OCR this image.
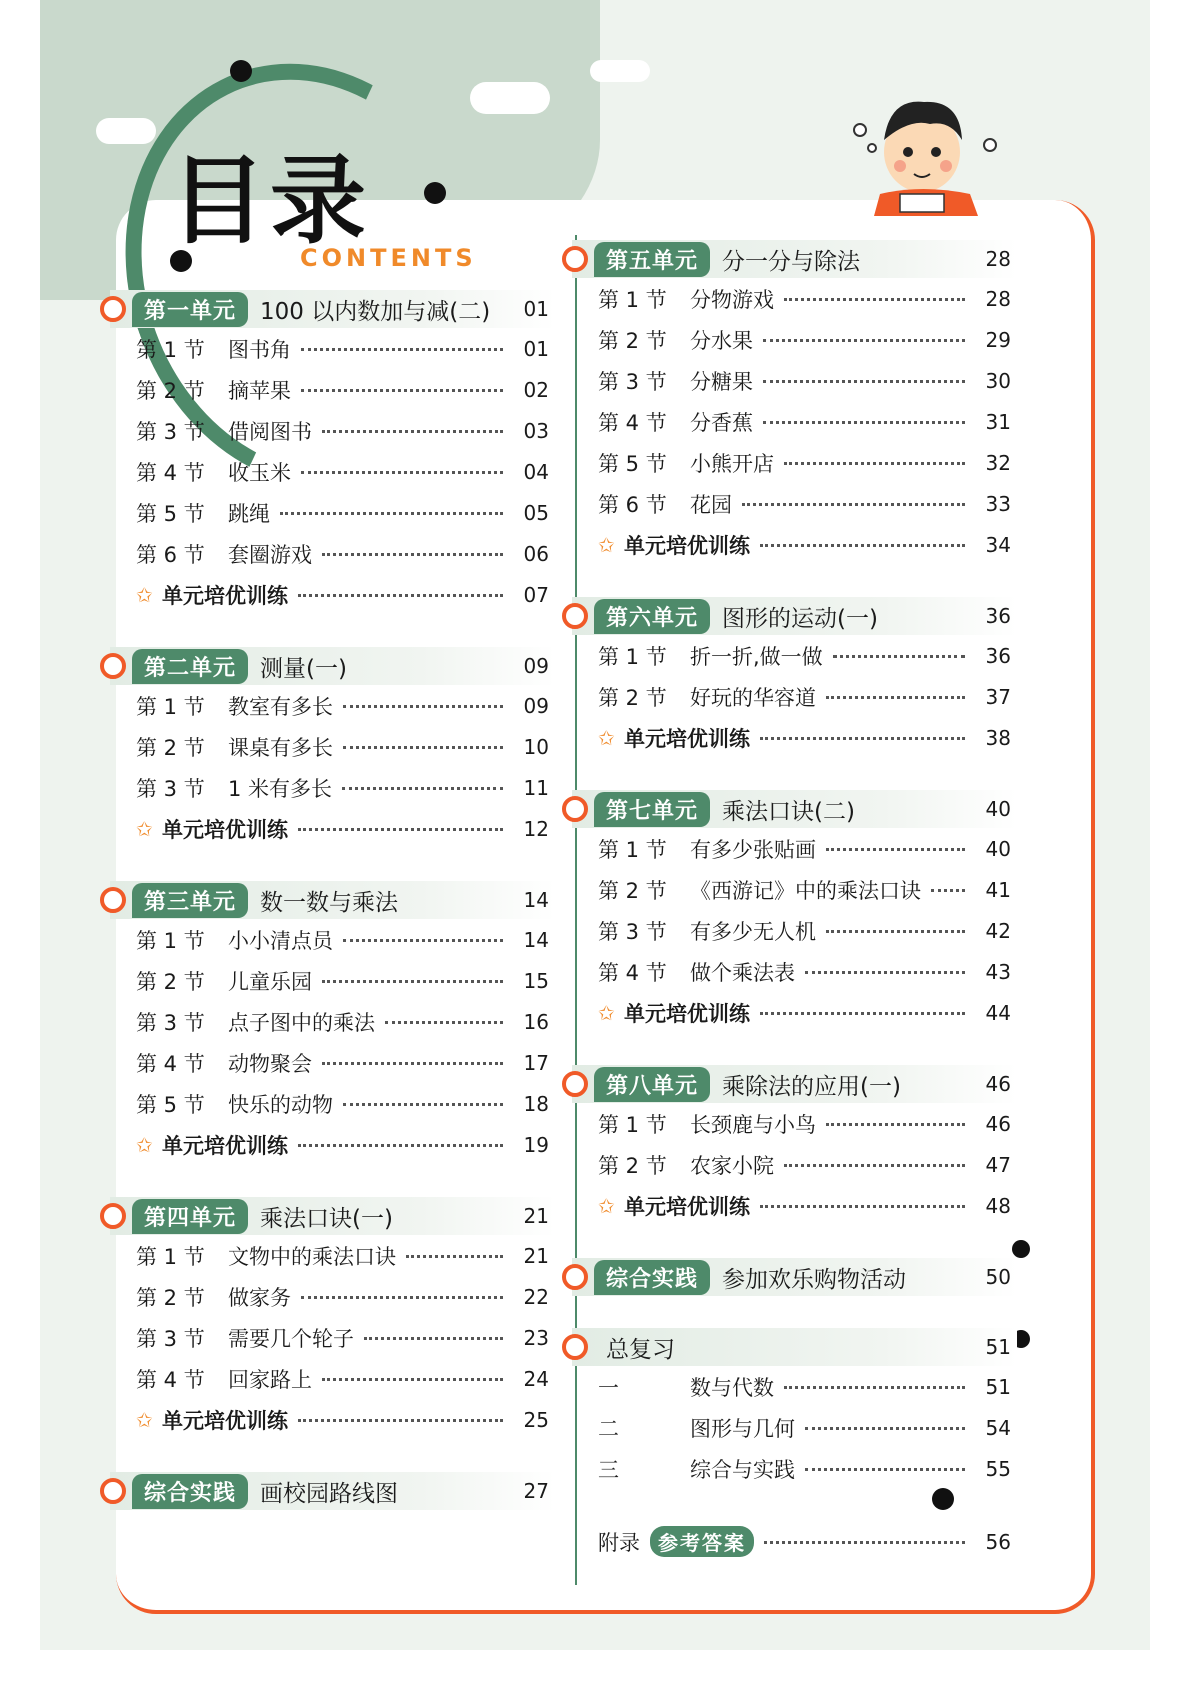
目录
CONTENTS
第一单元	100 以内数加与减(二)	01
第 1 节	图书角	01
第 2 节	摘苹果	02
第 3 节	借阅图书	03
第 4 节	收玉米	04
第 5 节	跳绳	05
第 6 节	套圈游戏	06
✩ 单元培优训练	07
第二单元	测量(一)	09
第 1 节	教室有多长	09
第 2 节	课桌有多长	10
第 3 节	1 米有多长	11
✩ 单元培优训练	12
第三单元	数一数与乘法	14
第 1 节	小小清点员	14
第 2 节	儿童乐园	15
第 3 节	点子图中的乘法	16
第 4 节	动物聚会	17
第 5 节	快乐的动物	18
✩ 单元培优训练	19
第四单元	乘法口诀(一)	21
第 1 节	文物中的乘法口诀	21
第 2 节	做家务	22
第 3 节	需要几个轮子	23
第 4 节	回家路上	24
✩ 单元培优训练	25
综合实践	画校园路线图	27
第五单元	分一分与除法	28
第 1 节	分物游戏	28
第 2 节	分水果	29
第 3 节	分糖果	30
第 4 节	分香蕉	31
第 5 节	小熊开店	32
第 6 节	花园	33
✩ 单元培优训练	34
第六单元	图形的运动(一)	36
第 1 节	折一折,做一做	36
第 2 节	好玩的华容道	37
✩ 单元培优训练	38
第七单元	乘法口诀(二)	40
第 1 节	有多少张贴画	40
第 2 节	《西游记》中的乘法口诀	41
第 3 节	有多少无人机	42
第 4 节	做个乘法表	43
✩ 单元培优训练	44
第八单元	乘除法的应用(一)	46
第 1 节	长颈鹿与小鸟	46
第 2 节	农家小院	47
✩ 单元培优训练	48
综合实践	参加欢乐购物活动	50
总复习	51
一	数与代数	51
二	图形与几何	54
三	综合与实践	55
附录 参考答案	56
